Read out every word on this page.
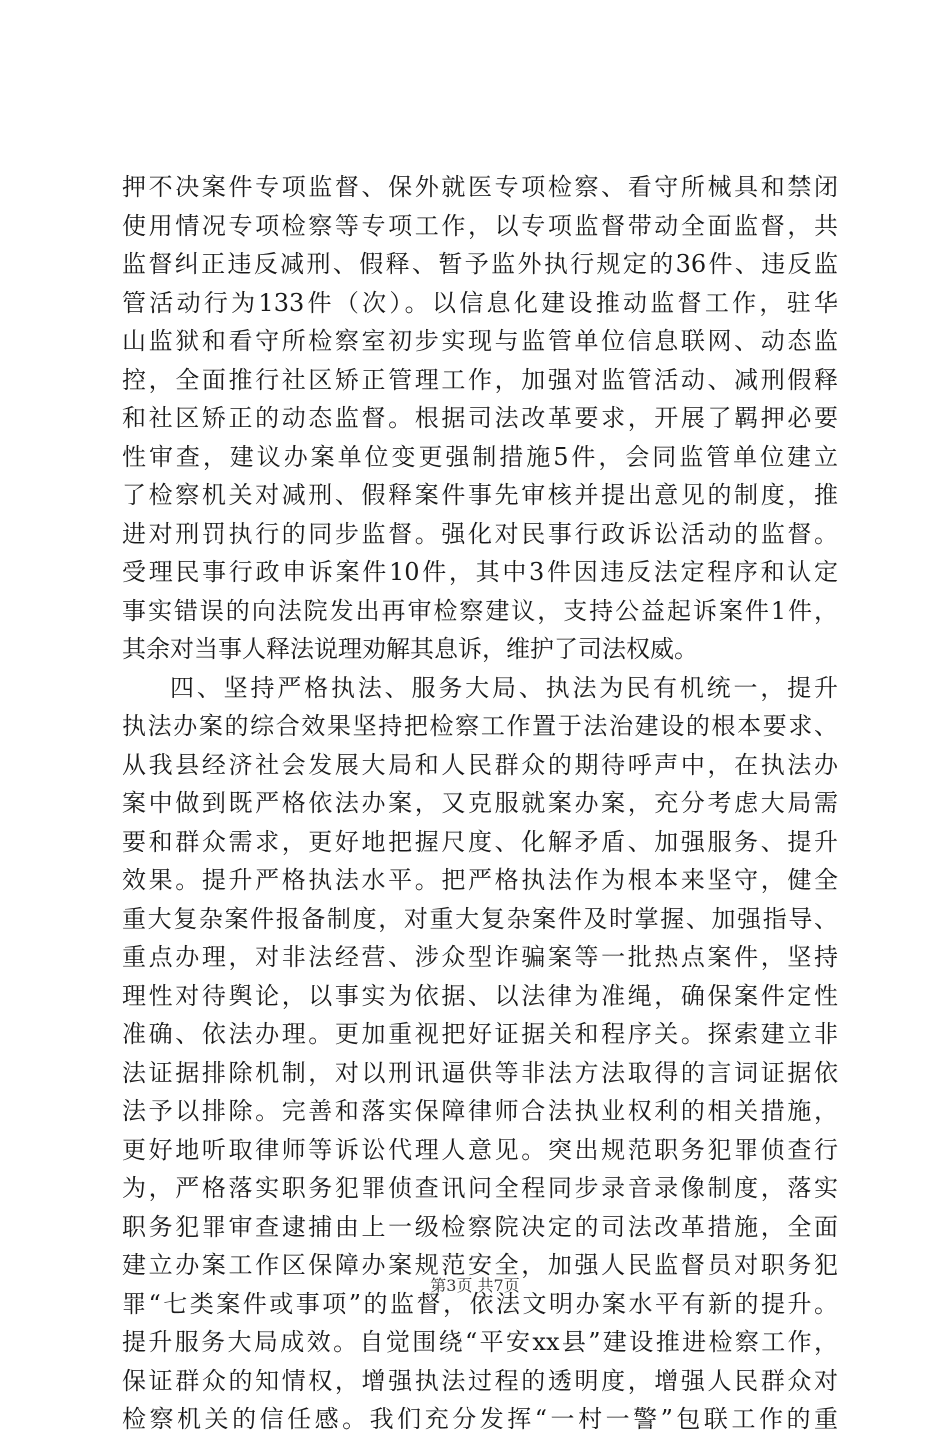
押不决案件专项监督、保外就医专项检察、看守所械具和禁闭
使用情况专项检察等专项工作，以专项监督带动全面监督，共
监督纠正违反减刑、假释、暂予监外执行规定的36件、违反监
管活动行为133件（次）。以信息化建设推动监督工作，驻华
山监狱和看守所检察室初步实现与监管单位信息联网、动态监
控，全面推行社区矫正管理工作，加强对监管活动、减刑假释
和社区矫正的动态监督。根据司法改革要求，开展了羁押必要
性审查，建议办案单位变更强制措施5件，会同监管单位建立
了检察机关对减刑、假释案件事先审核并提出意见的制度，推
进对刑罚执行的同步监督。强化对民事行政诉讼活动的监督。
受理民事行政申诉案件10件，其中3件因违反法定程序和认定
事实错误的向法院发出再审检察建议，支持公益起诉案件1件，
其余对当事人释法说理劝解其息诉，维护了司法权威。
四、坚持严格执法、服务大局、执法为民有机统一，提升
执法办案的综合效果坚持把检察工作置于法治建设的根本要求、
从我县经济社会发展大局和人民群众的期待呼声中，在执法办
案中做到既严格依法办案，又克服就案办案，充分考虑大局需
要和群众需求，更好地把握尺度、化解矛盾、加强服务、提升
效果。提升严格执法水平。把严格执法作为根本来坚守，健全
重大复杂案件报备制度，对重大复杂案件及时掌握、加强指导、
重点办理，对非法经营、涉众型诈骗案等一批热点案件，坚持
理性对待舆论，以事实为依据、以法律为准绳，确保案件定性
准确、依法办理。更加重视把好证据关和程序关。探索建立非
法证据排除机制，对以刑讯逼供等非法方法取得的言词证据依
法予以排除。完善和落实保障律师合法执业权利的相关措施，
更好地听取律师等诉讼代理人意见。突出规范职务犯罪侦查行
为，严格落实职务犯罪侦查讯问全程同步录音录像制度，落实
职务犯罪审查逮捕由上一级检察院决定的司法改革措施，全面
建立办案工作区保障办案规范安全，加强人民监督员对职务犯
罪“七类案件或事项”的监督，依法文明办案水平有新的提升。
提升服务大局成效。自觉围绕“平安xx县”建设推进检察工作，
保证群众的知情权，增强执法过程的透明度，增强人民群众对
检察机关的信任感。我们充分发挥“一村一警”包联工作的重
第3页 共7页
